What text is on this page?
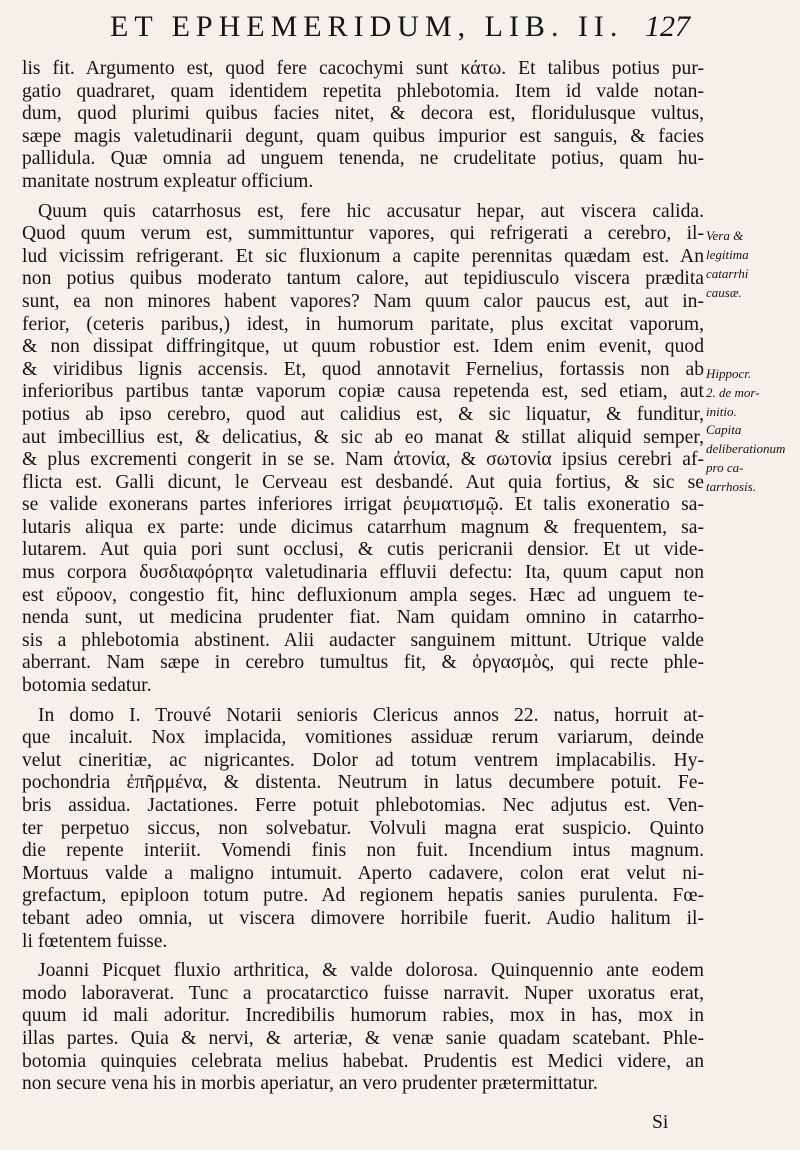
ET EPHEMERIDUM, LIB. II. 127
lis fit. Argumento est, quod fere cacochymi sunt κάτω. Et talibus potius pur-
gatio quadraret, quam identidem repetita phlebotomia. Item id valde notan-
dum, quod plurimi quibus facies nitet, & decora est, floridulusque vultus,
sæpe magis valetudinarii degunt, quam quibus impurior est sanguis, & facies
pallidula. Quæ omnia ad unguem tenenda, ne crudelitate potius, quam hu-
manitate nostrum expleatur officium.
Quum quis catarrhosus est, fere hic accusatur hepar, aut viscera calida.
Quod quum verum est, summittuntur vapores, qui refrigerati a cerebro, il-
lud vicissim refrigerant. Et sic fluxionum a capite perennitas quædam est. An
non potius quibus moderato tantum calore, aut tepidiusculo viscera prædita
sunt, ea non minores habent vapores? Nam quum calor paucus est, aut in-
ferior, (ceteris paribus,) idest, in humorum paritate, plus excitat vaporum,
& non dissipat diffringitque, ut quum robustior est. Idem enim evenit, quod
& viridibus lignis accensis. Et, quod annotavit Fernelius, fortassis non ab
inferioribus partibus tantæ vaporum copiæ causa repetenda est, sed etiam, aut
potius ab ipso cerebro, quod aut calidius est, & sic liquatur, & funditur,
aut imbecillius est, & delicatius, & sic ab eo manat & stillat aliquid semper,
& plus excrementi congerit in se se. Nam ἀτονία, & σωτονία ipsius cerebri af-
flicta est. Galli dicunt, le Cerveau est desbandé. Aut quia fortius, & sic se
se valide exonerans partes inferiores irrigat ῥευματισμῷ. Et talis exoneratio sa-
lutaris aliqua ex parte: unde dicimus catarrhum magnum & frequentem, sa-
lutarem. Aut quia pori sunt occlusi, & cutis pericranii densior. Et ut vide-
mus corpora δυσδιαφόρητα valetudinaria effluvii defectu: Ita, quum caput non
est εὔροον, congestio fit, hinc defluxionum ampla seges. Hæc ad unguem te-
nenda sunt, ut medicina prudenter fiat. Nam quidam omnino in catarrho-
sis a phlebotomia abstinent. Alii audacter sanguinem mittunt. Utrique valde
aberrant. Nam sæpe in cerebro tumultus fit, & ὀργασμὸς, qui recte phle-
botomia sedatur.
In domo I. Trouvé Notarii senioris Clericus annos 22. natus, horruit at-
que incaluit. Nox implacida, vomitiones assiduæ rerum variarum, deinde
velut cineritiæ, ac nigricantes. Dolor ad totum ventrem implacabilis. Hy-
pochondria ἐπῆρμένα, & distenta. Neutrum in latus decumbere potuit. Fe-
bris assidua. Jactationes. Ferre potuit phlebotomias. Nec adjutus est. Ven-
ter perpetuo siccus, non solvebatur. Volvuli magna erat suspicio. Quinto
die repente interiit. Vomendi finis non fuit. Incendium intus magnum.
Mortuus valde a maligno intumuit. Aperto cadavere, colon erat velut ni-
grefactum, epiploon totum putre. Ad regionem hepatis sanies purulenta. Fœ-
tebant adeo omnia, ut viscera dimovere horribile fuerit. Audio halitum il-
li fœtentem fuisse.
Joanni Picquet fluxio arthritica, & valde dolorosa. Quinquennio ante eodem
modo laboraverat. Tunc a procatarctico fuisse narravit. Nuper uxoratus erat,
quum id mali adoritur. Incredibilis humorum rabies, mox in has, mox in
illas partes. Quia & nervi, & arteriæ, & venæ sanie quadam scatebant. Phle-
botomia quinquies celebrata melius habebat. Prudentis est Medici videre, an
non secure vena his in morbis aperiatur, an vero prudenter prætermittatur.
Vera &
legitima
catarrhi
causæ.
Hippocr.
2. de mor-
initio.
Capita
deliberationum
pro ca-
tarrhosis.
Si
